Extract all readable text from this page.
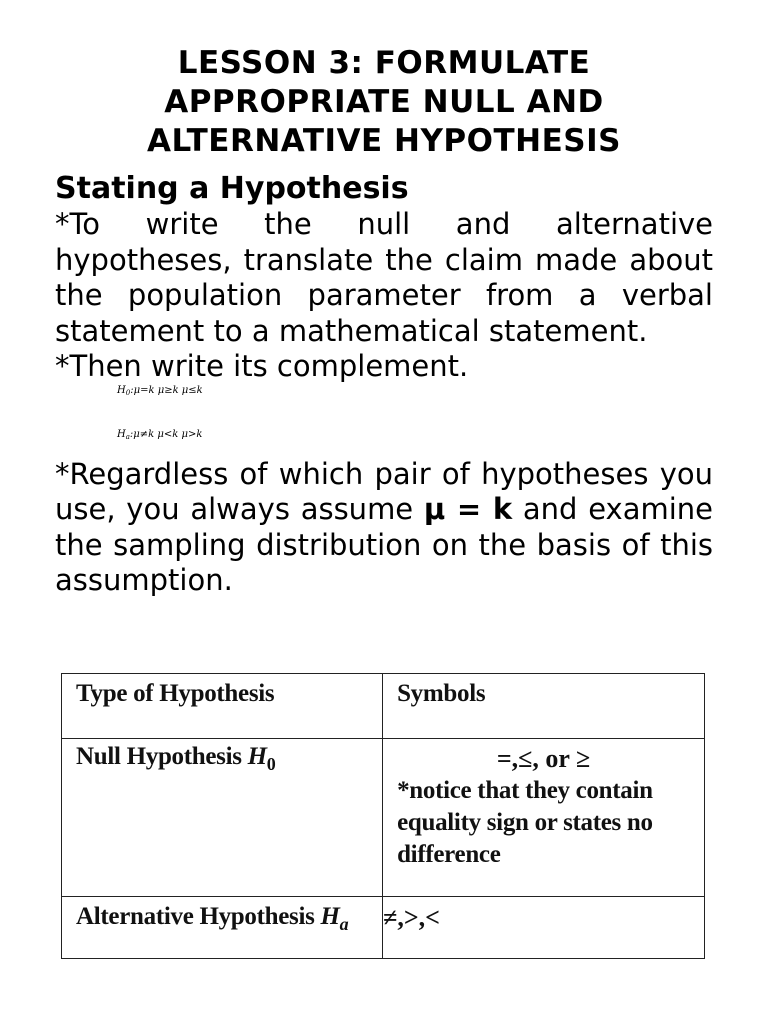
LESSON 3: FORMULATE
APPROPRIATE NULL AND
ALTERNATIVE HYPOTHESIS
Stating a Hypothesis

*To write the null and alternative hypotheses, translate the claim made about the population parameter from a verbal statement to a mathematical statement.

*Then write its complement.

$H_0:\mu=k$ μ≥k μ≤k
$H_a:\mu\ne k$ μ<k μ>k

*Regardless of which pair of hypotheses you use, you always assume μ = k and examine the sampling distribution on the basis of this assumption.

Type of Hypothesis	Symbols
Null Hypothesis $H_0$	=,≤, or ≥
*notice that they contain
equality sign or states no
difference

Alternative Hypothesis $H_a$	≠,>,<
